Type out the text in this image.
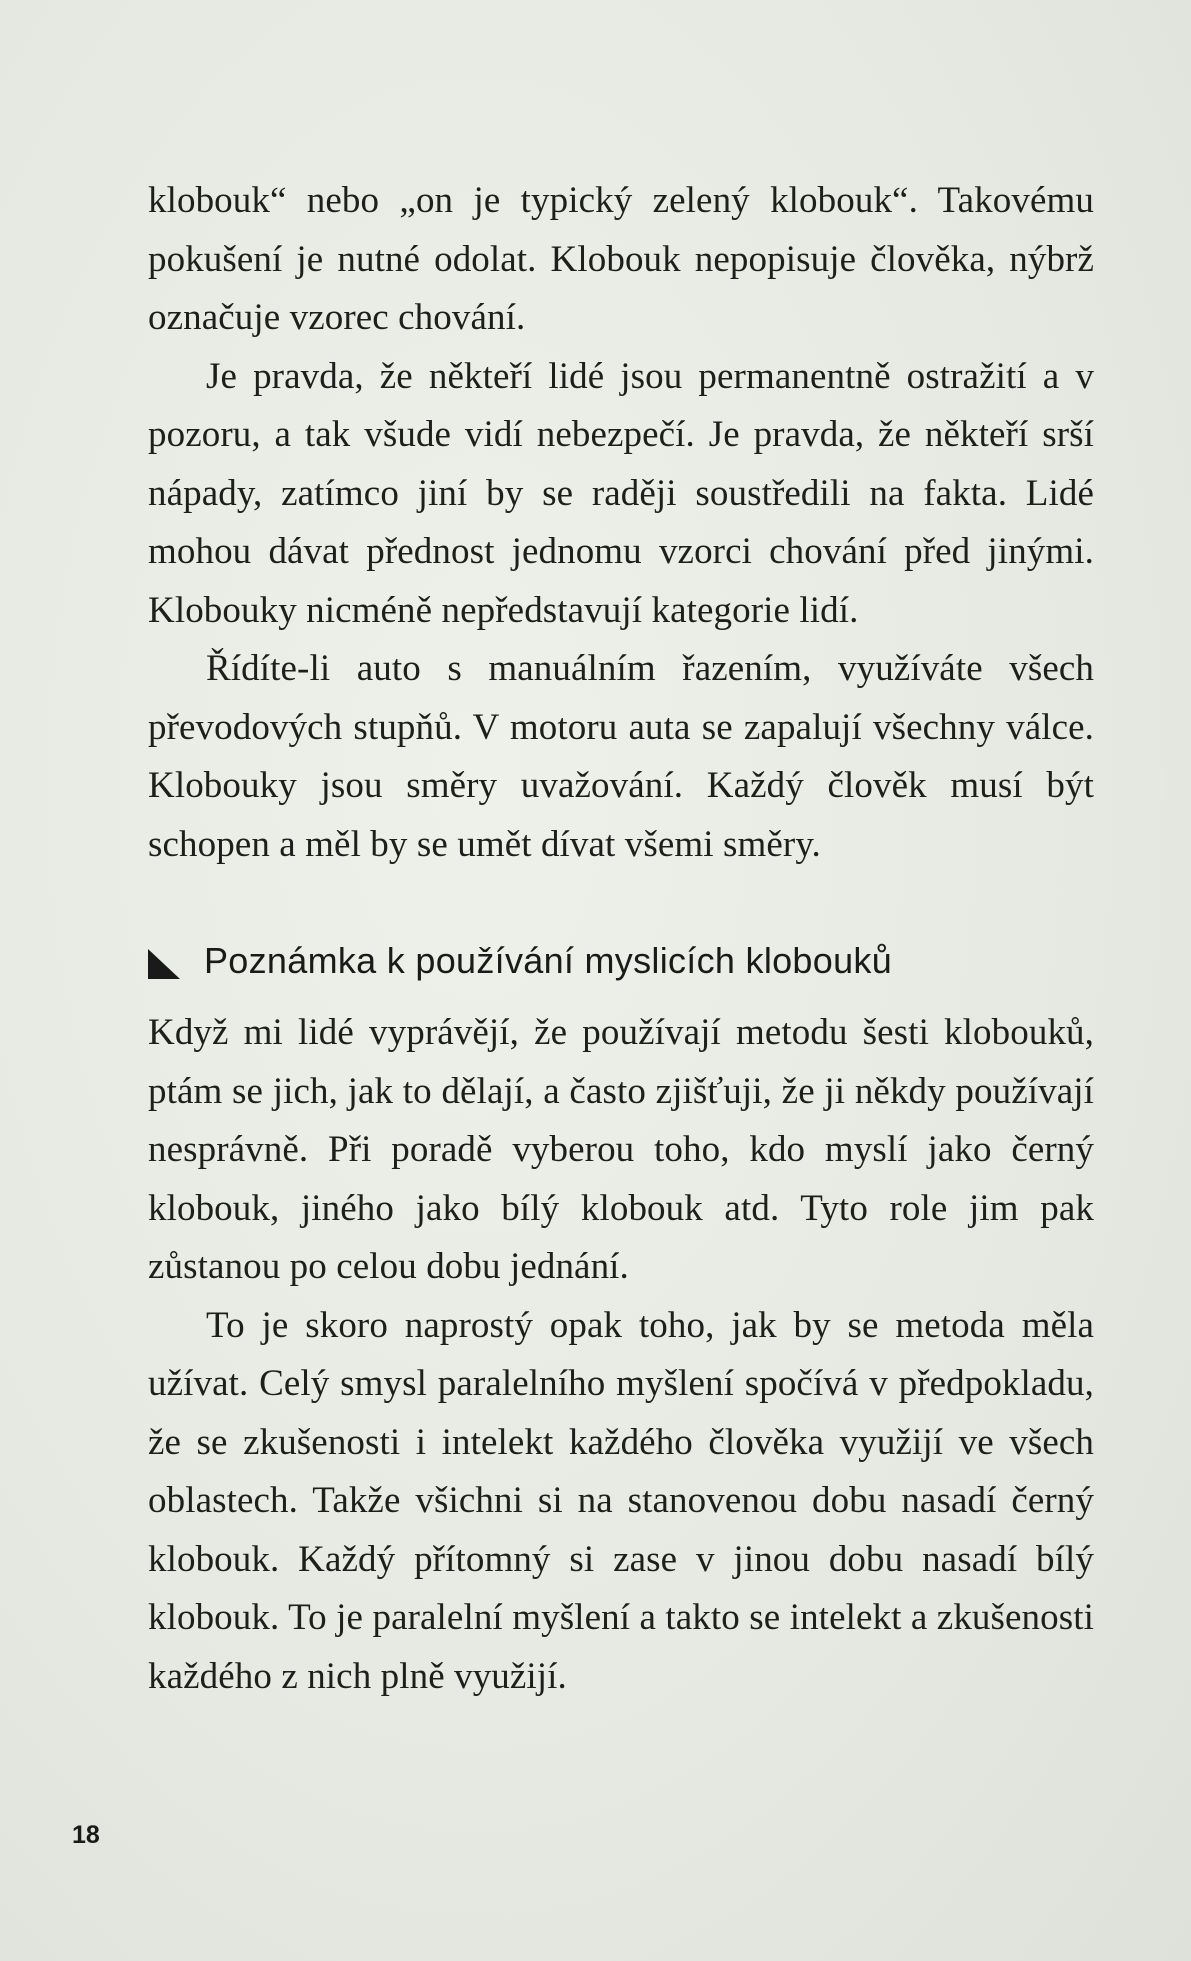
klobouk“ nebo „on je typický zelený klobouk“. Takovému pokušení je nutné odolat. Klobouk nepopisuje člověka, nýbrž označuje vzorec chování.

Je pravda, že někteří lidé jsou permanentně ostražití a v pozoru, a tak všude vidí nebezpečí. Je pravda, že někteří srší nápady, zatímco jiní by se raději soustředili na fakta. Lidé mohou dávat přednost jednomu vzorci chování před jinými. Klobouky nicméně nepředstavují kategorie lidí.

Řídíte-li auto s manuálním řazením, využíváte všech převodových stupňů. V motoru auta se zapalují všechny válce. Klobouky jsou směry uvažování. Každý člověk musí být schopen a měl by se umět dívat všemi směry.

Poznámka k používání myslicích klobouků

Když mi lidé vyprávějí, že používají metodu šesti klobouků, ptám se jich, jak to dělají, a často zjišťuji, že ji někdy používají nesprávně. Při poradě vyberou toho, kdo myslí jako černý klobouk, jiného jako bílý klobouk atd. Tyto role jim pak zůstanou po celou dobu jednání.

To je skoro naprostý opak toho, jak by se metoda měla užívat. Celý smysl paralelního myšlení spočívá v předpokladu, že se zkušenosti i intelekt každého člověka využijí ve všech oblastech. Takže všichni si na stanovenou dobu nasadí černý klobouk. Každý přítomný si zase v jinou dobu nasadí bílý klobouk. To je paralelní myšlení a takto se intelekt a zkušenosti každého z nich plně využijí.

18
